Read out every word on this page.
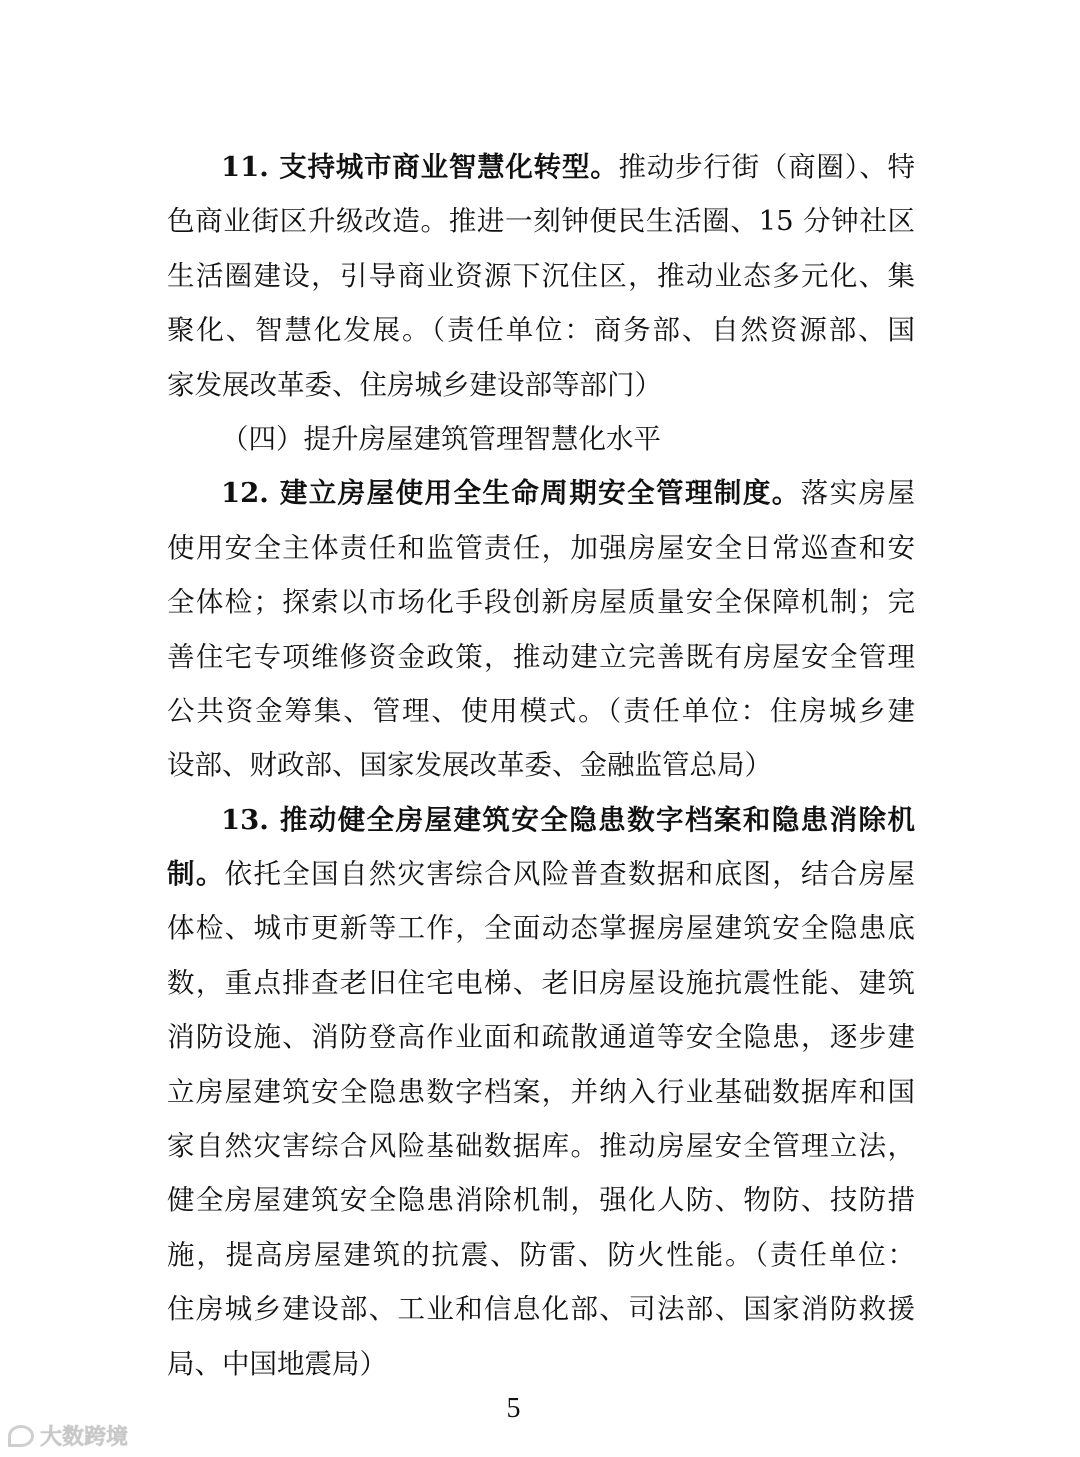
11. 支持城市商业智慧化转型。推动步行街（商圈）、特
色商业街区升级改造。推进一刻钟便民生活圈、15 分钟社区
生活圈建设，引导商业资源下沉住区，推动业态多元化、集
聚化、智慧化发展。（责任单位：商务部、自然资源部、国
家发展改革委、住房城乡建设部等部门）
（四）提升房屋建筑管理智慧化水平
12. 建立房屋使用全生命周期安全管理制度。落实房屋
使用安全主体责任和监管责任，加强房屋安全日常巡查和安
全体检；探索以市场化手段创新房屋质量安全保障机制；完
善住宅专项维修资金政策，推动建立完善既有房屋安全管理
公共资金筹集、管理、使用模式。（责任单位：住房城乡建
设部、财政部、国家发展改革委、金融监管总局）
13. 推动健全房屋建筑安全隐患数字档案和隐患消除机
制。依托全国自然灾害综合风险普查数据和底图，结合房屋
体检、城市更新等工作，全面动态掌握房屋建筑安全隐患底
数，重点排查老旧住宅电梯、老旧房屋设施抗震性能、建筑
消防设施、消防登高作业面和疏散通道等安全隐患，逐步建
立房屋建筑安全隐患数字档案，并纳入行业基础数据库和国
家自然灾害综合风险基础数据库。推动房屋安全管理立法，
健全房屋建筑安全隐患消除机制，强化人防、物防、技防措
施，提高房屋建筑的抗震、防雷、防火性能。（责任单位：
住房城乡建设部、工业和信息化部、司法部、国家消防救援
局、中国地震局）
5
大数跨境
